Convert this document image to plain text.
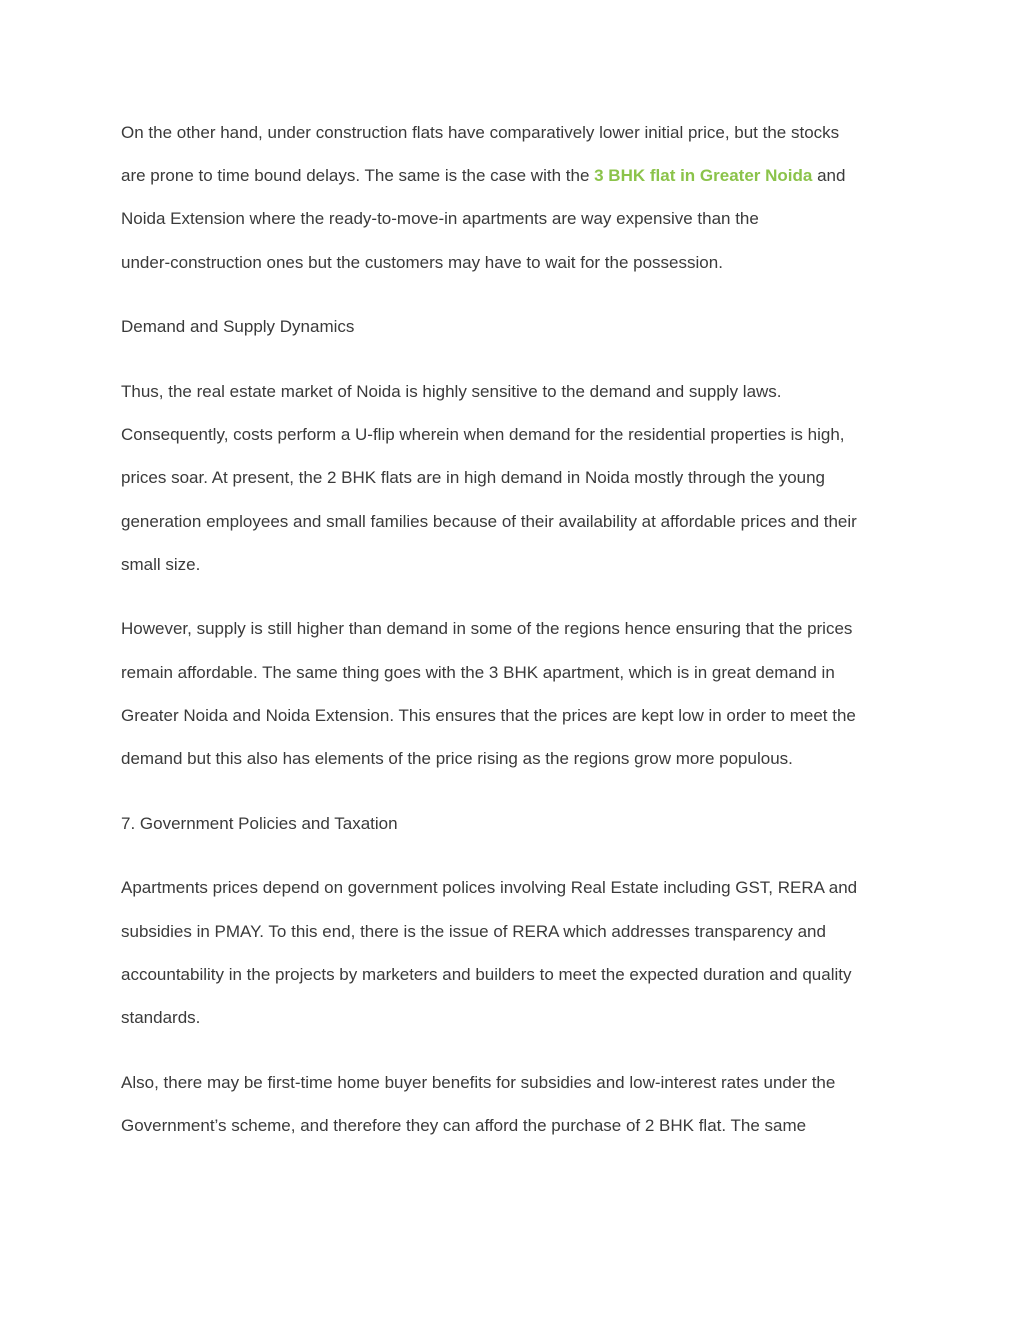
On the other hand, under construction flats have comparatively lower initial price, but the stocks
are prone to time bound delays. The same is the case with the 3 BHK flat in Greater Noida and
Noida Extension where the ready-to-move-in apartments are way expensive than the
under-construction ones but the customers may have to wait for the possession.
Demand and Supply Dynamics
Thus, the real estate market of Noida is highly sensitive to the demand and supply laws.
Consequently, costs perform a U-flip wherein when demand for the residential properties is high,
prices soar. At present, the 2 BHK flats are in high demand in Noida mostly through the young
generation employees and small families because of their availability at affordable prices and their
small size.
However, supply is still higher than demand in some of the regions hence ensuring that the prices
remain affordable. The same thing goes with the 3 BHK apartment, which is in great demand in
Greater Noida and Noida Extension. This ensures that the prices are kept low in order to meet the
demand but this also has elements of the price rising as the regions grow more populous.
7. Government Policies and Taxation
Apartments prices depend on government polices involving Real Estate including GST, RERA and
subsidies in PMAY. To this end, there is the issue of RERA which addresses transparency and
accountability in the projects by marketers and builders to meet the expected duration and quality
standards.
Also, there may be first-time home buyer benefits for subsidies and low-interest rates under the
Government’s scheme, and therefore they can afford the purchase of 2 BHK flat. The same
